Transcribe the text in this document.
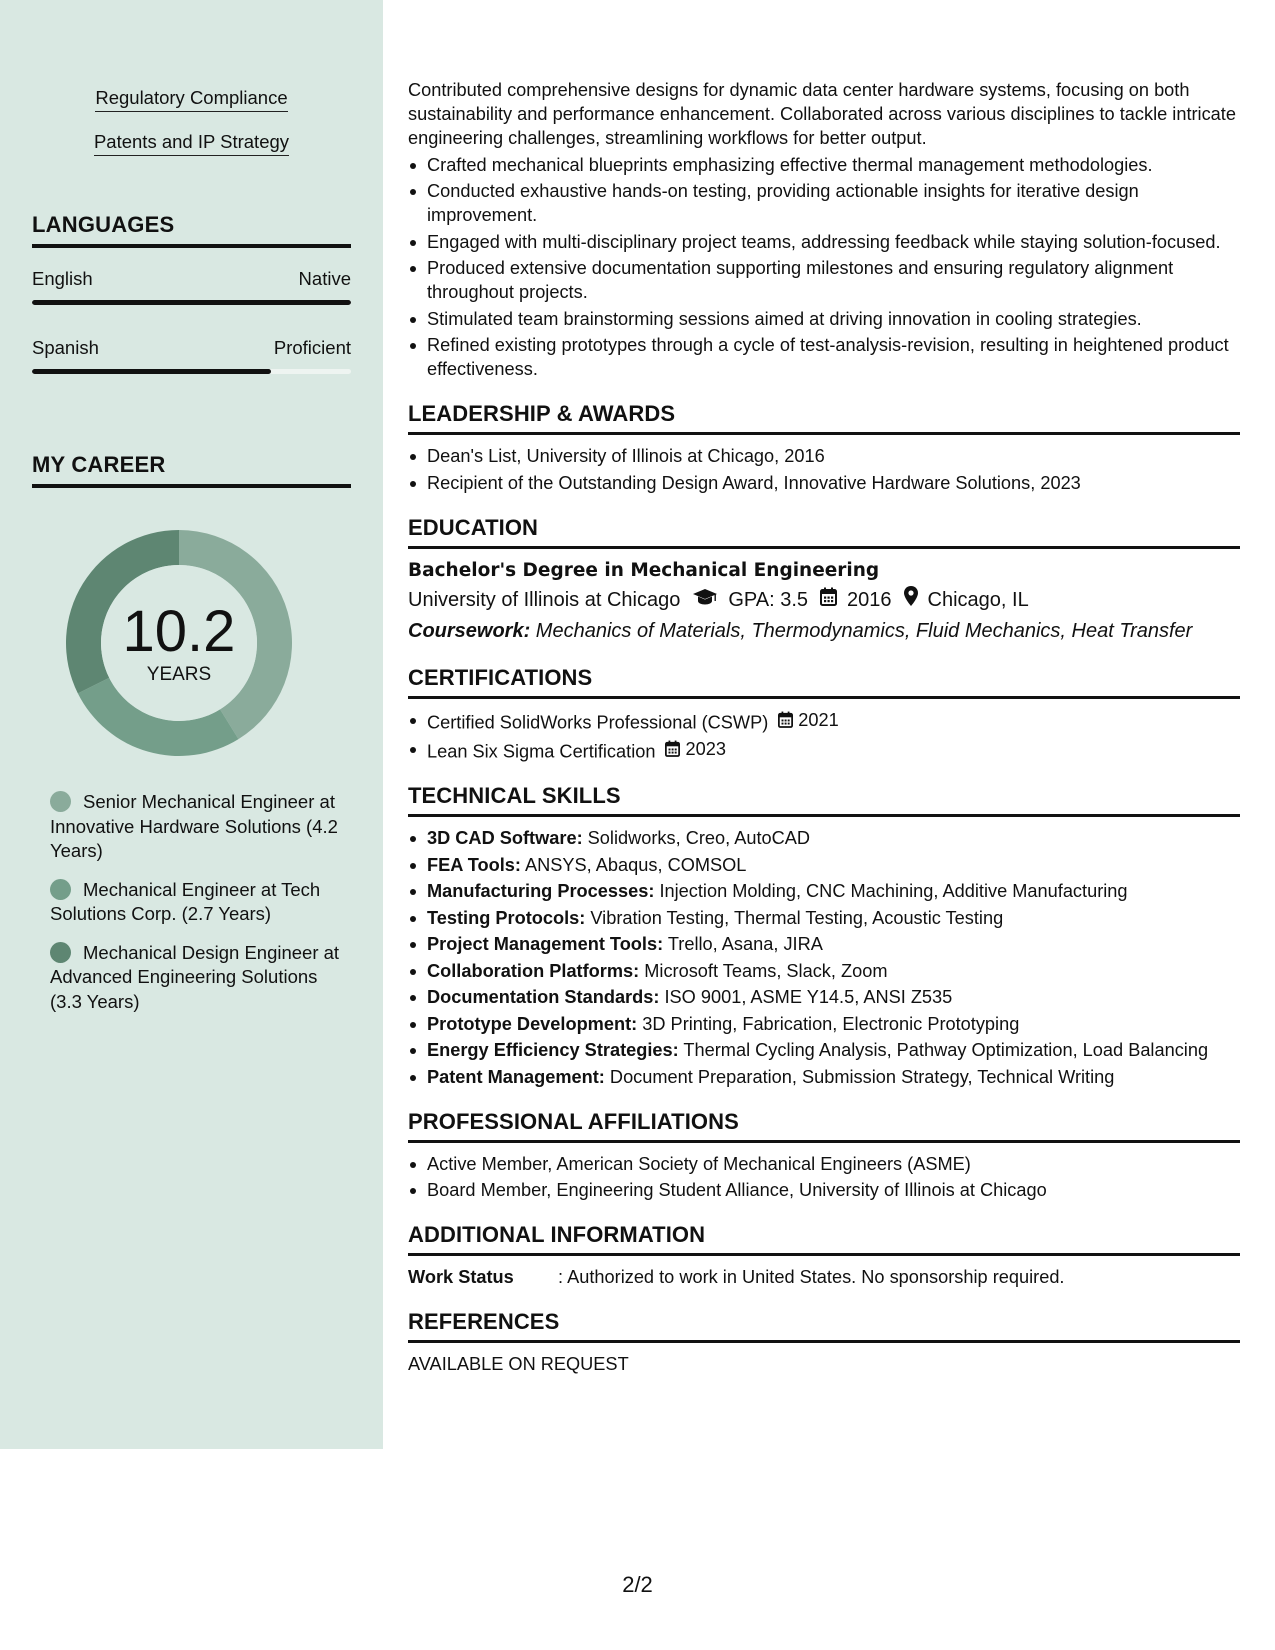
Regulatory Compliance
Patents and IP Strategy
LANGUAGES
English	Native
Spanish	Proficient
MY CAREER
10.2
YEARS
Senior Mechanical Engineer at Innovative Hardware Solutions (4.2 Years)
Mechanical Engineer at Tech Solutions Corp. (2.7 Years)
Mechanical Design Engineer at Advanced Engineering Solutions (3.3 Years)

Contributed comprehensive designs for dynamic data center hardware systems, focusing on both sustainability and performance enhancement. Collaborated across various disciplines to tackle intricate engineering challenges, streamlining workflows for better output.

Crafted mechanical blueprints emphasizing effective thermal management methodologies.
Conducted exhaustive hands-on testing, providing actionable insights for iterative design improvement.
Engaged with multi-disciplinary project teams, addressing feedback while staying solution-focused.
Produced extensive documentation supporting milestones and ensuring regulatory alignment throughout projects.
Stimulated team brainstorming sessions aimed at driving innovation in cooling strategies.
Refined existing prototypes through a cycle of test-analysis-revision, resulting in heightened product effectiveness.
LEADERSHIP & AWARDS
Dean's List, University of Illinois at Chicago, 2016
Recipient of the Outstanding Design Award, Innovative Hardware Solutions, 2023
EDUCATION
Bachelor's Degree in Mechanical Engineering
University of Illinois at Chicago GPA: 3.5 2016 Chicago, IL
Coursework: Mechanics of Materials, Thermodynamics, Fluid Mechanics, Heat Transfer
CERTIFICATIONS
Certified SolidWorks Professional (CSWP) 2021
Lean Six Sigma Certification 2023
TECHNICAL SKILLS
3D CAD Software: Solidworks, Creo, AutoCAD
FEA Tools: ANSYS, Abaqus, COMSOL
Manufacturing Processes: Injection Molding, CNC Machining, Additive Manufacturing
Testing Protocols: Vibration Testing, Thermal Testing, Acoustic Testing
Project Management Tools: Trello, Asana, JIRA
Collaboration Platforms: Microsoft Teams, Slack, Zoom
Documentation Standards: ISO 9001, ASME Y14.5, ANSI Z535
Prototype Development: 3D Printing, Fabrication, Electronic Prototyping
Energy Efficiency Strategies: Thermal Cycling Analysis, Pathway Optimization, Load Balancing
Patent Management: Document Preparation, Submission Strategy, Technical Writing
PROFESSIONAL AFFILIATIONS
Active Member, American Society of Mechanical Engineers (ASME)
Board Member, Engineering Student Alliance, University of Illinois at Chicago
ADDITIONAL INFORMATION
Work Status	: Authorized to work in United States. No sponsorship required.
REFERENCES
AVAILABLE ON REQUEST
2/2
